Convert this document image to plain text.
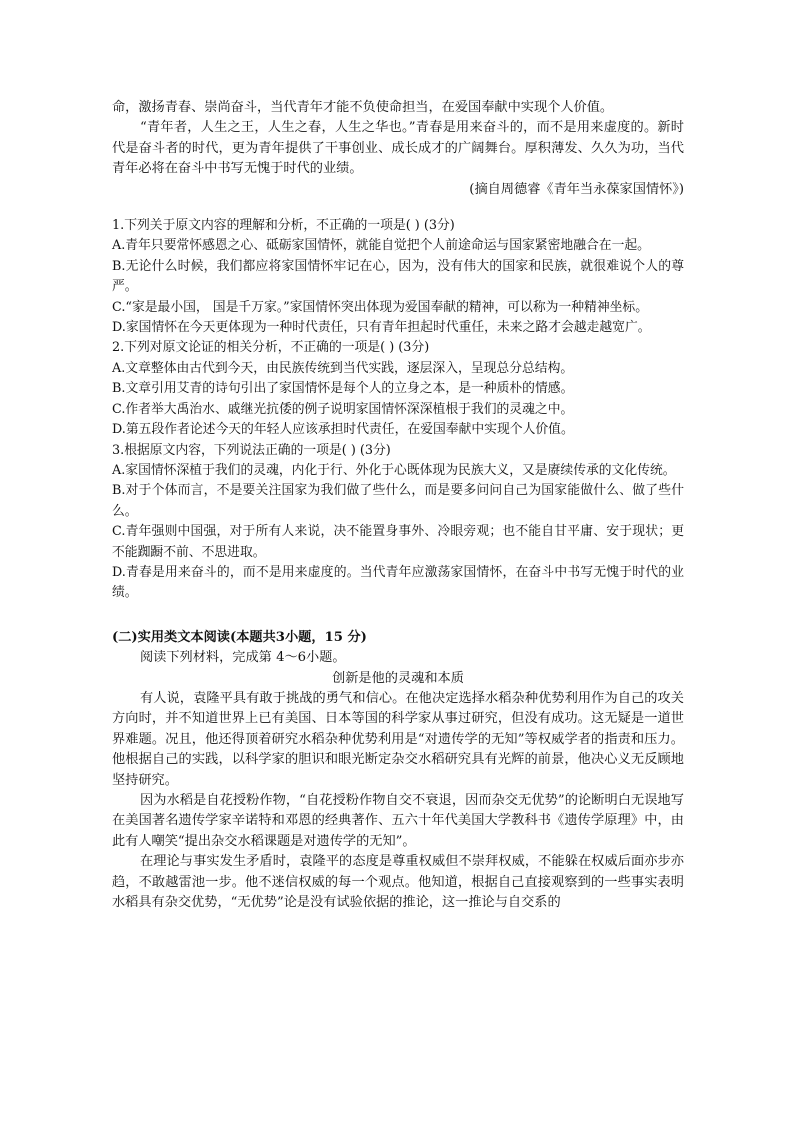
命，激扬青春、崇尚奋斗，当代青年才能不负使命担当，在爱国奉献中实现个人价值。

“青年者，人生之王，人生之春，人生之华也。”青春是用来奋斗的，而不是用来虚度的。新时代是奋斗者的时代，更为青年提供了干事创业、成长成才的广阔舞台。厚积薄发、久久为功，当代青年必将在奋斗中书写无愧于时代的业绩。

(摘自周德睿《青年当永葆家国情怀》)

1.下列关于原文内容的理解和分析，不正确的一项是( ) (3分)

A.青年只要常怀感恩之心、砥砺家国情怀，就能自觉把个人前途命运与国家紧密地融合在一起。

B.无论什么时候，我们都应将家国情怀牢记在心，因为，没有伟大的国家和民族，就很难说个人的尊严。

C.“家是最小国， 国是千万家。”家国情怀突出体现为爱国奉献的精神，可以称为一种精神坐标。

D.家国情怀在今天更体现为一种时代责任，只有青年担起时代重任，未来之路才会越走越宽广。

2.下列对原文论证的相关分析，不正确的一项是( ) (3分)

A.文章整体由古代到今天，由民族传统到当代实践，逐层深入，呈现总分总结构。

B.文章引用艾青的诗句引出了家国情怀是每个人的立身之本，是一种质朴的情感。

C.作者举大禹治水、戚继光抗倭的例子说明家国情怀深深植根于我们的灵魂之中。

D.第五段作者论述今天的年轻人应该承担时代责任，在爱国奉献中实现个人价值。

3.根据原文内容，下列说法正确的一项是( ) (3分)

A.家国情怀深植于我们的灵魂，内化于行、外化于心既体现为民族大义，又是赓续传承的文化传统。

B.对于个体而言，不是要关注国家为我们做了些什么，而是要多问问自己为国家能做什么、做了些什么。

C.青年强则中国强，对于所有人来说，决不能置身事外、冷眼旁观；也不能自甘平庸、安于现状；更不能踟蹰不前、不思进取。

D.青春是用来奋斗的，而不是用来虚度的。当代青年应激荡家国情怀，在奋斗中书写无愧于时代的业绩。

(二)实用类文本阅读(本题共3小题，15 分)

阅读下列材料，完成第 4～6小题。

创新是他的灵魂和本质

有人说，袁隆平具有敢于挑战的勇气和信心。在他决定选择水稻杂种优势利用作为自己的攻关方向时，并不知道世界上已有美国、日本等国的科学家从事过研究，但没有成功。这无疑是一道世界难题。况且，他还得顶着研究水稻杂种优势利用是“对遗传学的无知”等权威学者的指责和压力。他根据自己的实践，以科学家的胆识和眼光断定杂交水稻研究具有光辉的前景，他决心义无反顾地坚持研究。

因为水稻是自花授粉作物，“自花授粉作物自交不衰退，因而杂交无优势”的论断明白无误地写在美国著名遗传学家辛诺特和邓恩的经典著作、五六十年代美国大学教科书《遗传学原理》中，由此有人嘲笑“提出杂交水稻课题是对遗传学的无知”。

在理论与事实发生矛盾时，袁隆平的态度是尊重权威但不崇拜权威，不能躲在权威后面亦步亦趋，不敢越雷池一步。他不迷信权威的每一个观点。他知道，根据自己直接观察到的一些事实表明水稻具有杂交优势，“无优势”论是没有试验依据的推论，这一推论与自交系的
